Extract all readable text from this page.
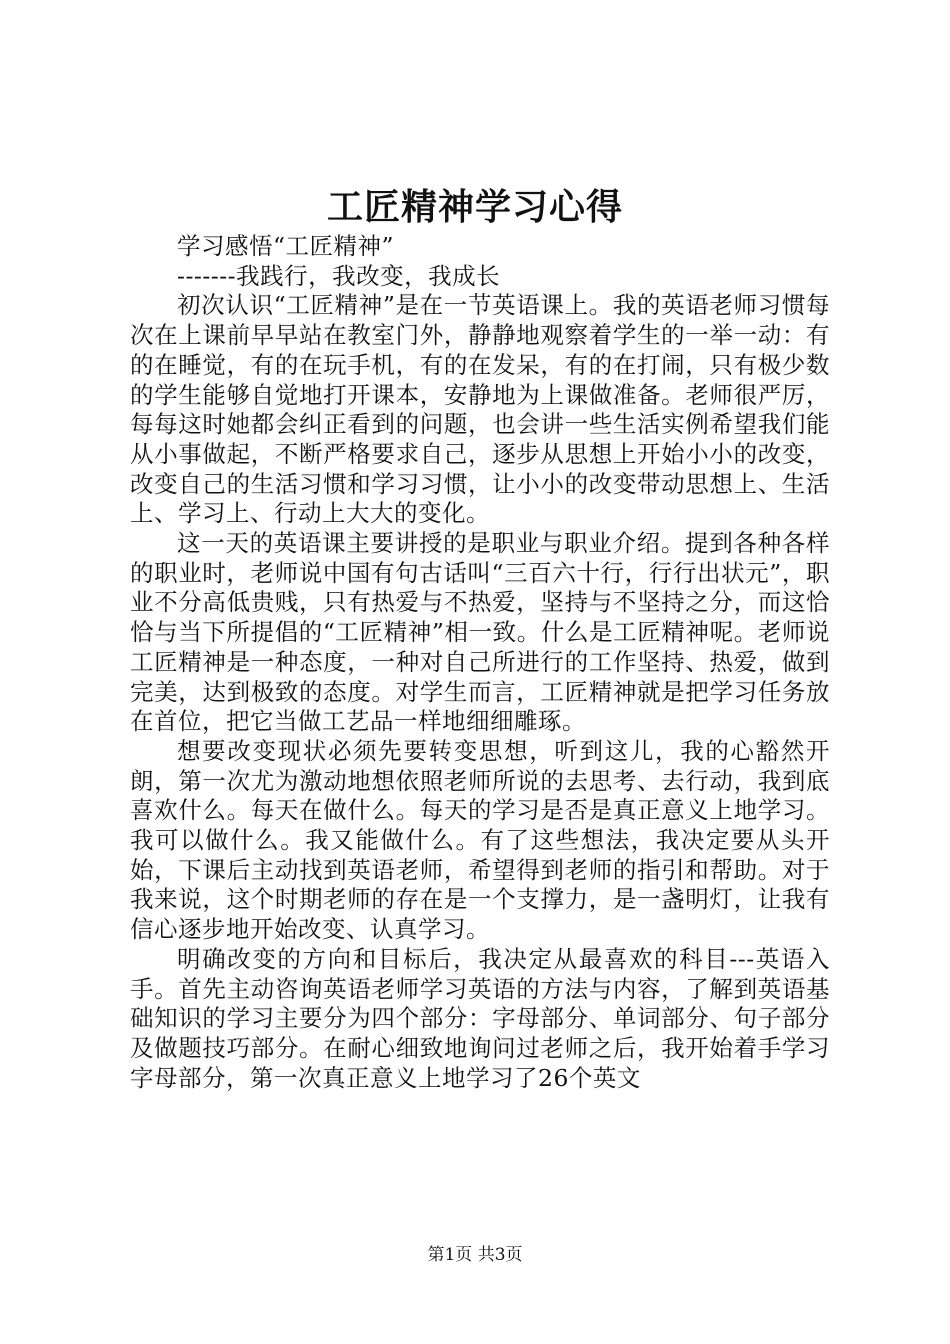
工匠精神学习心得

学习感悟“工匠精神”

-------我践行，我改变，我成长

初次认识“工匠精神”是在一节英语课上。我的英语老师习惯每次在上课前早早站在教室门外，静静地观察着学生的一举一动：有的在睡觉，有的在玩手机，有的在发呆，有的在打闹，只有极少数的学生能够自觉地打开课本，安静地为上课做准备。老师很严厉，每每这时她都会纠正看到的问题，也会讲一些生活实例希望我们能从小事做起，不断严格要求自己，逐步从思想上开始小小的改变，改变自己的生活习惯和学习习惯，让小小的改变带动思想上、生活上、学习上、行动上大大的变化。

这一天的英语课主要讲授的是职业与职业介绍。提到各种各样的职业时，老师说中国有句古话叫“三百六十行，行行出状元”，职业不分高低贵贱，只有热爱与不热爱，坚持与不坚持之分，而这恰恰与当下所提倡的“工匠精神”相一致。什么是工匠精神呢。老师说工匠精神是一种态度，一种对自己所进行的工作坚持、热爱，做到完美，达到极致的态度。对学生而言，工匠精神就是把学习任务放在首位，把它当做工艺品一样地细细雕琢。

想要改变现状必须先要转变思想，听到这儿，我的心豁然开朗，第一次尤为激动地想依照老师所说的去思考、去行动，我到底喜欢什么。每天在做什么。每天的学习是否是真正意义上地学习。我可以做什么。我又能做什么。有了这些想法，我决定要从头开始，下课后主动找到英语老师，希望得到老师的指引和帮助。对于我来说，这个时期老师的存在是一个支撑力，是一盏明灯，让我有信心逐步地开始改变、认真学习。

明确改变的方向和目标后，我决定从最喜欢的科目---英语入手。首先主动咨询英语老师学习英语的方法与内容，了解到英语基础知识的学习主要分为四个部分：字母部分、单词部分、句子部分及做题技巧部分。在耐心细致地询问过老师之后，我开始着手学习字母部分，第一次真正意义上地学习了26个英文

第1页 共3页
